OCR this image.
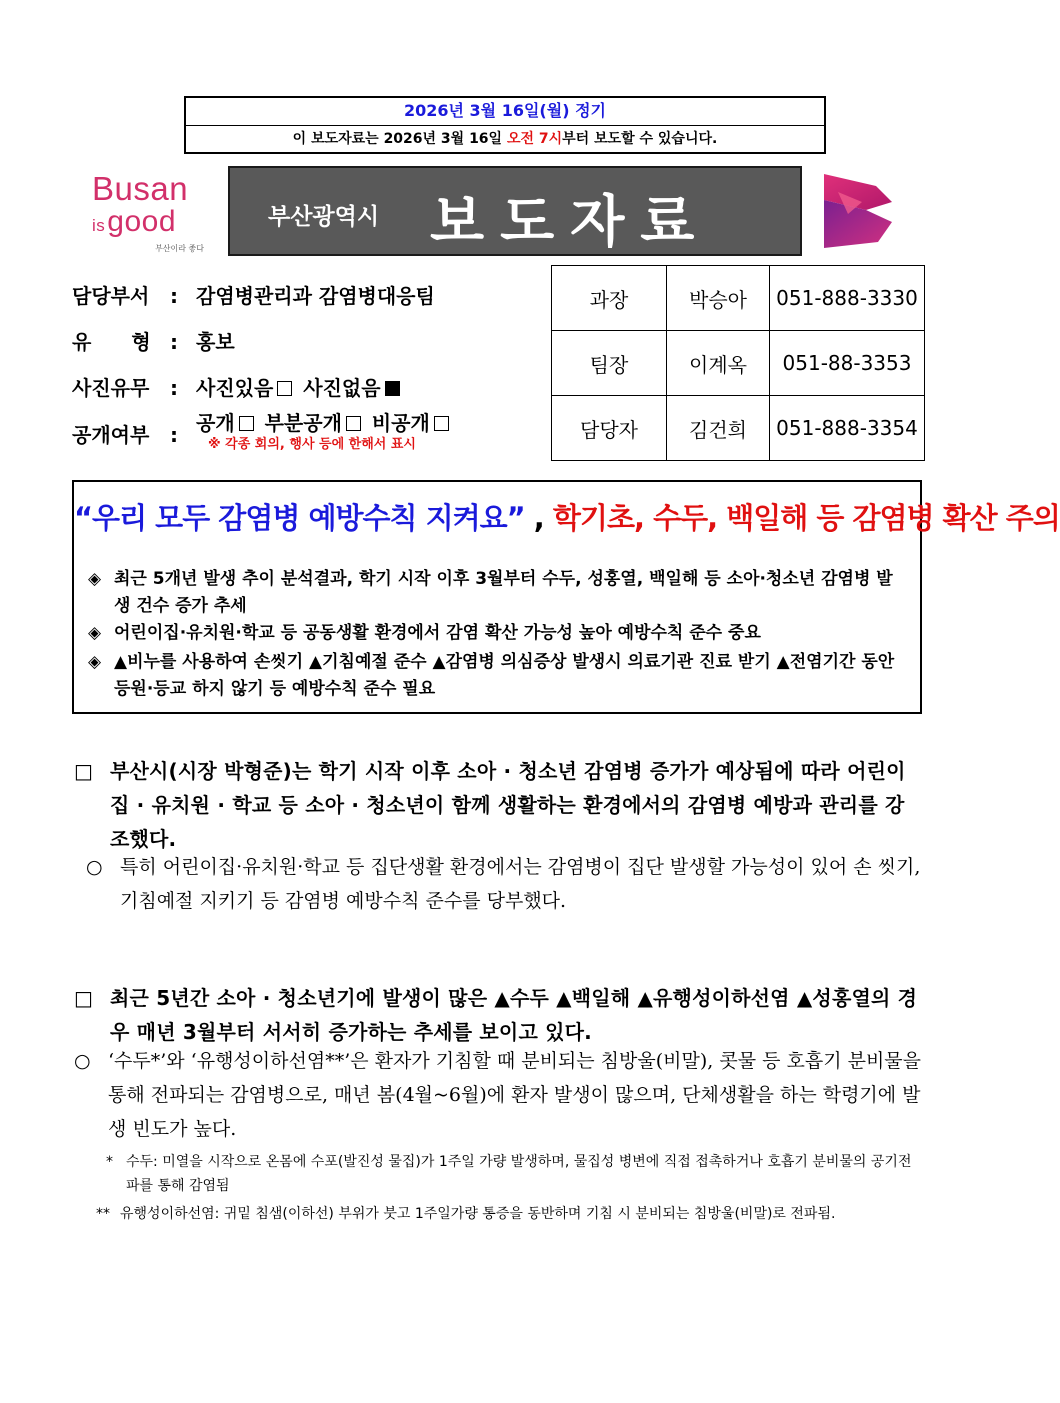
2026년 3월 16일(월) 정기
이 보도자료는 2026년 3월 16일 오전 7시부터 보도할 수 있습니다.
Busan
isgood
부산이라 좋다
부산광역시 보도자료
담당부서 : 감염병관리과 감염병대응팀
유　　형 : 홍보
사진유무 : 사진있음 사진없음
공개여부 : 공개 부분공개 비공개
※ 각종 회의, 행사 등에 한해서 표시
과장	박승아	051-888-3330
팀장	이계옥	051-88-3353
담당자	김건희	051-888-3354
“우리 모두 감염병 예방수칙 지켜요” , 학기초, 수두, 백일해 등 감염병 확산 주의
◈ 최근 5개년 발생 추이 분석결과, 학기 시작 이후 3월부터 수두, 성홍열, 백일해 등 소아·청소년 감염병 발생 건수 증가 추세
◈ 어린이집·유치원·학교 등 공동생활 환경에서 감염 확산 가능성 높아 예방수칙 준수 중요
◈ ▲비누를 사용하여 손씻기 ▲기침예절 준수 ▲감염병 의심증상 발생시 의료기관 진료 받기 ▲전염기간 동안 등원·등교 하지 않기 등 예방수칙 준수 필요
□ 부산시(시장 박형준)는 학기 시작 이후 소아 · 청소년 감염병 증가가 예상됨에 따라 어린이집 · 유치원 · 학교 등 소아 · 청소년이 함께 생활하는 환경에서의 감염병 예방과 관리를 강조했다.
○ 특히 어린이집·유치원·학교 등 집단생활 환경에서는 감염병이 집단 발생할 가능성이 있어 손 씻기, 기침예절 지키기 등 감염병 예방수칙 준수를 당부했다.
□ 최근 5년간 소아 · 청소년기에 발생이 많은 ▲수두 ▲백일해 ▲유행성이하선염 ▲성홍열의 경우 매년 3월부터 서서히 증가하는 추세를 보이고 있다.
○ ‘수두*’와 ‘유행성이하선염**’은 환자가 기침할 때 분비되는 침방울(비말), 콧물 등 호흡기 분비물을 통해 전파되는 감염병으로, 매년 봄(4월~6월)에 환자 발생이 많으며, 단체생활을 하는 학령기에 발생 빈도가 높다.
* 수두: 미열을 시작으로 온몸에 수포(발진성 물집)가 1주일 가량 발생하며, 물집성 병변에 직접 접촉하거나 호흡기 분비물의 공기전파를 통해 감염됨
** 유행성이하선염: 귀밑 침샘(이하선) 부위가 붓고 1주일가량 통증을 동반하며 기침 시 분비되는 침방울(비말)로 전파됨.
